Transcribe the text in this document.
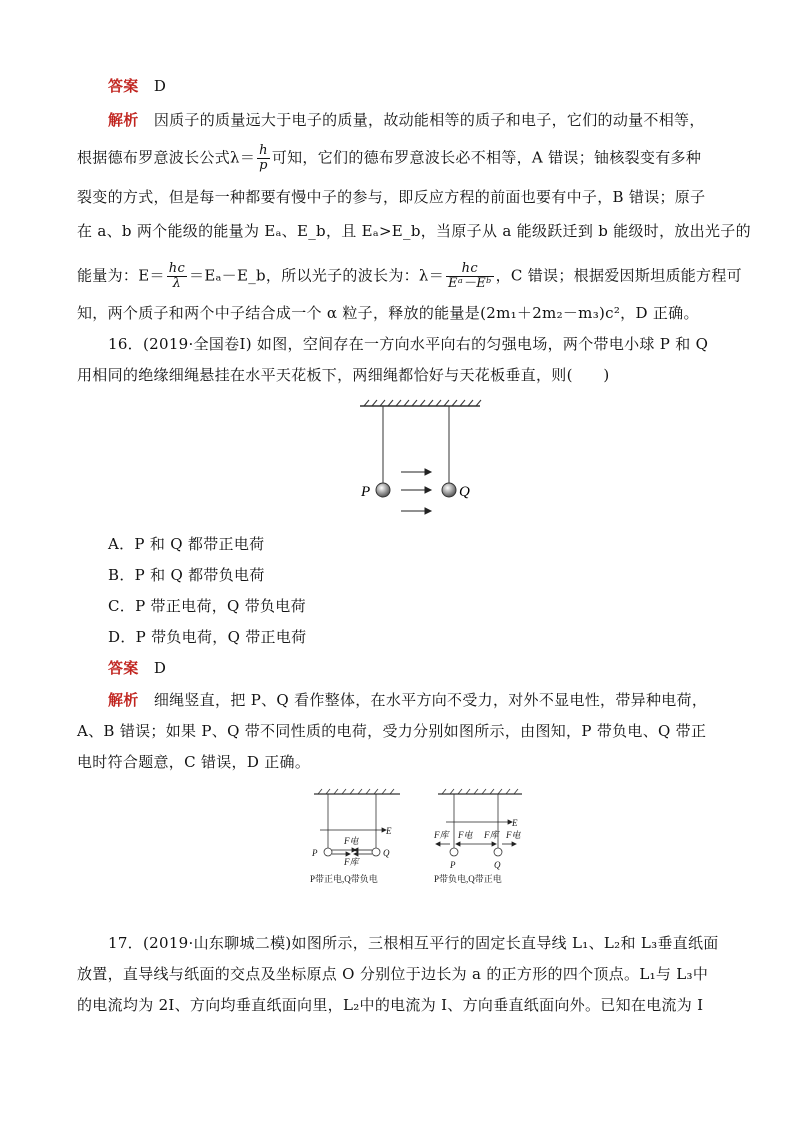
答案 D
解析 因质子的质量远大于电子的质量，故动能相等的质子和电子，它们的动量不相等，
根据德布罗意波长公式$\lambda= \frac{h}{p}$ 可知，它们的德布罗意波长必不相等，A 错误；铀核裂变有多种
裂变的方式，但是每一种都要有慢中子的参与，即反应方程的前面也要有中子，B 错误；原子
在 a、b 两个能级的能量为 Eₐ、E_b，且 Eₐ>E_b，当原子从 a 能级跃迁到 b 能级时，放出光子的
能量为：$E= \frac{hc}{\lambda}$ ＝Eₐ－E_b，所以光子的波长为：$\lambda= \frac{hc}{\text{Eᵃ－Eᵇ}}$ ，C 错误；根据爱因斯坦质能方程可
知，两个质子和两个中子结合成一个 α 粒子，释放的能量是(2m₁＋2m₂－m₃)c²，D 正确。
16．(2019·全国卷Ⅰ) 如图，空间存在一方向水平向右的匀强电场，两个带电小球 P 和 Q
用相同的绝缘细绳悬挂在水平天花板下，两细绳都恰好与天花板垂直，则(　　)
P	Q
A．P 和 Q 都带正电荷
B．P 和 Q 都带负电荷
C．P 带正电荷，Q 带负电荷
D．P 带负电荷，Q 带正电荷
答案 D
解析 细绳竖直，把 P、Q 看作整体，在水平方向不受力，对外不显电性，带异种电荷，
A、B 错误；如果 P、Q 带不同性质的电荷，受力分别如图所示，由图知，P 带负电、Q 带正
电时符合题意，C 错误，D 正确。
E
F电
F库
P	Q
P带正电,Q带负电
E
F库 F电 F库 F电
P	Q
P带负电,Q带正电
17．(2019·山东聊城二模)如图所示，三根相互平行的固定长直导线 L₁、L₂和 L₃垂直纸面
放置，直导线与纸面的交点及坐标原点 O 分别位于边长为 a 的正方形的四个顶点。L₁与 L₃中
的电流均为 2I、方向均垂直纸面向里，L₂中的电流为 I、方向垂直纸面向外。已知在电流为 I
